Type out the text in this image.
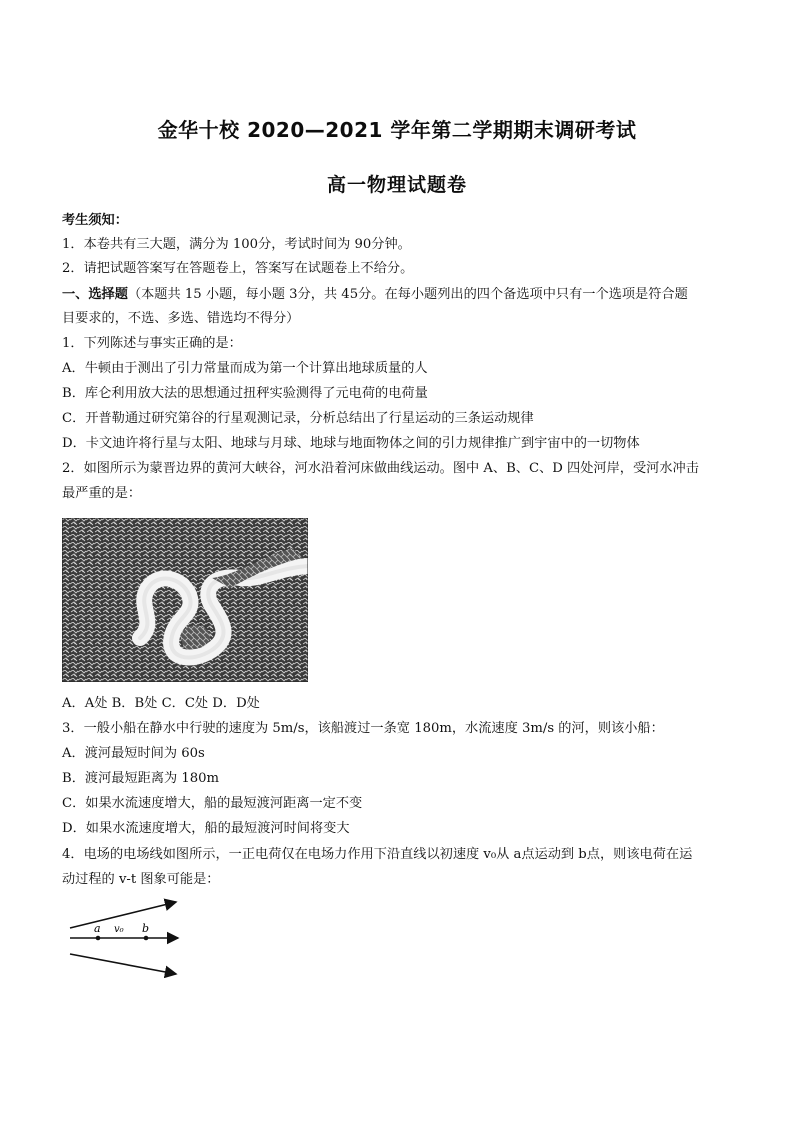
金华十校 2020—2021 学年第二学期期末调研考试
高一物理试题卷
考生须知：
1．本卷共有三大题，满分为 100分，考试时间为 90分钟。
2．请把试题答案写在答题卷上，答案写在试题卷上不给分。
一、选择题（本题共 15 小题，每小题 3分，共 45分。在每小题列出的四个备选项中只有一个选项是符合题
目要求的，不选、多选、错选均不得分）
1．下列陈述与事实正确的是：
A．牛顿由于测出了引力常量而成为第一个计算出地球质量的人
B．库仑利用放大法的思想通过扭秤实验测得了元电荷的电荷量
C．开普勒通过研究第谷的行星观测记录，分析总结出了行星运动的三条运动规律
D．卡文迪许将行星与太阳、地球与月球、地球与地面物体之间的引力规律推广到宇宙中的一切物体
2．如图所示为蒙晋边界的黄河大峡谷，河水沿着河床做曲线运动。图中 A、B、C、D 四处河岸，受河水冲击
最严重的是：
A．A处 B．B处 C．C处 D．D处
3．一般小船在静水中行驶的速度为 5m/s，该船渡过一条宽 180m，水流速度 3m/s 的河，则该小船：
A．渡河最短时间为 60s
B．渡河最短距离为 180m
C．如果水流速度增大，船的最短渡河距离一定不变
D．如果水流速度增大，船的最短渡河时间将变大
4．电场的电场线如图所示，一正电荷仅在电场力作用下沿直线以初速度 v₀从 a点运动到 b点，则该电荷在运
动过程的 v-t 图象可能是：
a v₀ b
